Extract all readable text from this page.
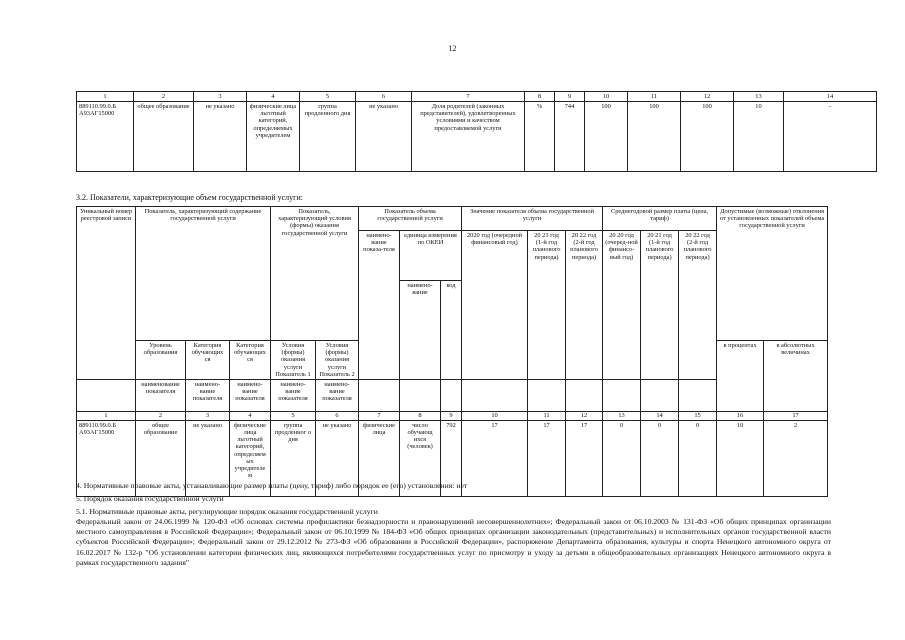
12
1	2	3	4	5	6	7	8	9	10	11	12	13	14
889110.99.0.Б А93АГ15000	общее образование	не указано	физические лица льготный категорий, определяемых учредителем	группа продленного дня	не указано	Доля родителей (законных представителей), удовлетворенных условиями и качеством предоставляемой услуги	%	744	100	100	100	10	-
3.2. Показатели, характеризующие объем государственной услуги:
Уникальный номер реестровой записи	Показатель, характеризующий содержание государственной услуги			Показатель, характеризующий условия (формы) оказания государственной услуги		Показатель объема государственной услуги			Значение показателя объема государственной услуги			Среднегодовой размер платы (цена, тариф)			Допустимые (возможные) отклонения от установленных показателей объема государственной услуги	
						наимено-вание показа-теля	единица измерения по ОКЕИ		2020 год (очередной финансовый год)	20 21 год (1-й год планового периода)	20 22 год (2-й год планового периода)	20 20 год (очеред-ной финансо-вый год)	20 21 год (1-й год планового периода)	20 22 год (2-й год планового периода)		
							наимено-вание	код								
	Уровень образования	Категория обучающих ся	Категория обучающих ся	Условия (формы) оказания услуги Показатель 1	Условия (формы) оказания услуги Показатель 2										в процентах	в абсолютных величинах
	наименование показателя	наимено-вание показателя	наимено-вание показателя	наимено-вание показателя	наимено-вание показателя											
1	2	3	4	5	6	7	8	9	10	11	12	13	14	15	16	17
889110.99.0.Б А93АГ15000	общее образование	не указано	физические лица льготный категорий, определяем ых учредителе м	группа продленног о дня	не указано	физические лица	число обучающ ихся (человек)	792	17	17	17	0	0	0	10	2

4. Нормативные правовые акты, устанавливающие размер платы (цену, тариф) либо порядок ее (его) установления: нет

5. Порядок оказания государственной услуги

5.1. Нормативные правовые акты, регулирующие порядок оказания государственной услуги

Федеральный закон от 24.06.1999 № 120-ФЗ «Об основах системы профилактики безнадзорности и правонарушений несовершеннолетних»; Федеральный закон от 06.10.2003 № 131-ФЗ «Об общих принципах организации местного самоуправления в Российской Федерации»; Федеральный закон от 06.10.1999 № 184-ФЗ «Об общих принципах организации законодательных (представительных) и исполнительных органов государственной власти субъектов Российской Федерации»; Федеральный закон от 29.12.2012 № 273-ФЗ «Об образовании в Российской Федерации», распоряжение Департамента образования, культуры и спорта Ненецкого автономного округа от 16.02.2017 № 132-р "Об установлении категории физических лиц, являющихся потребителями государственных услуг по присмотру и уходу за детьми в общеобразовательных организациях Ненецкого автономного округа в рамках государственного задания"
